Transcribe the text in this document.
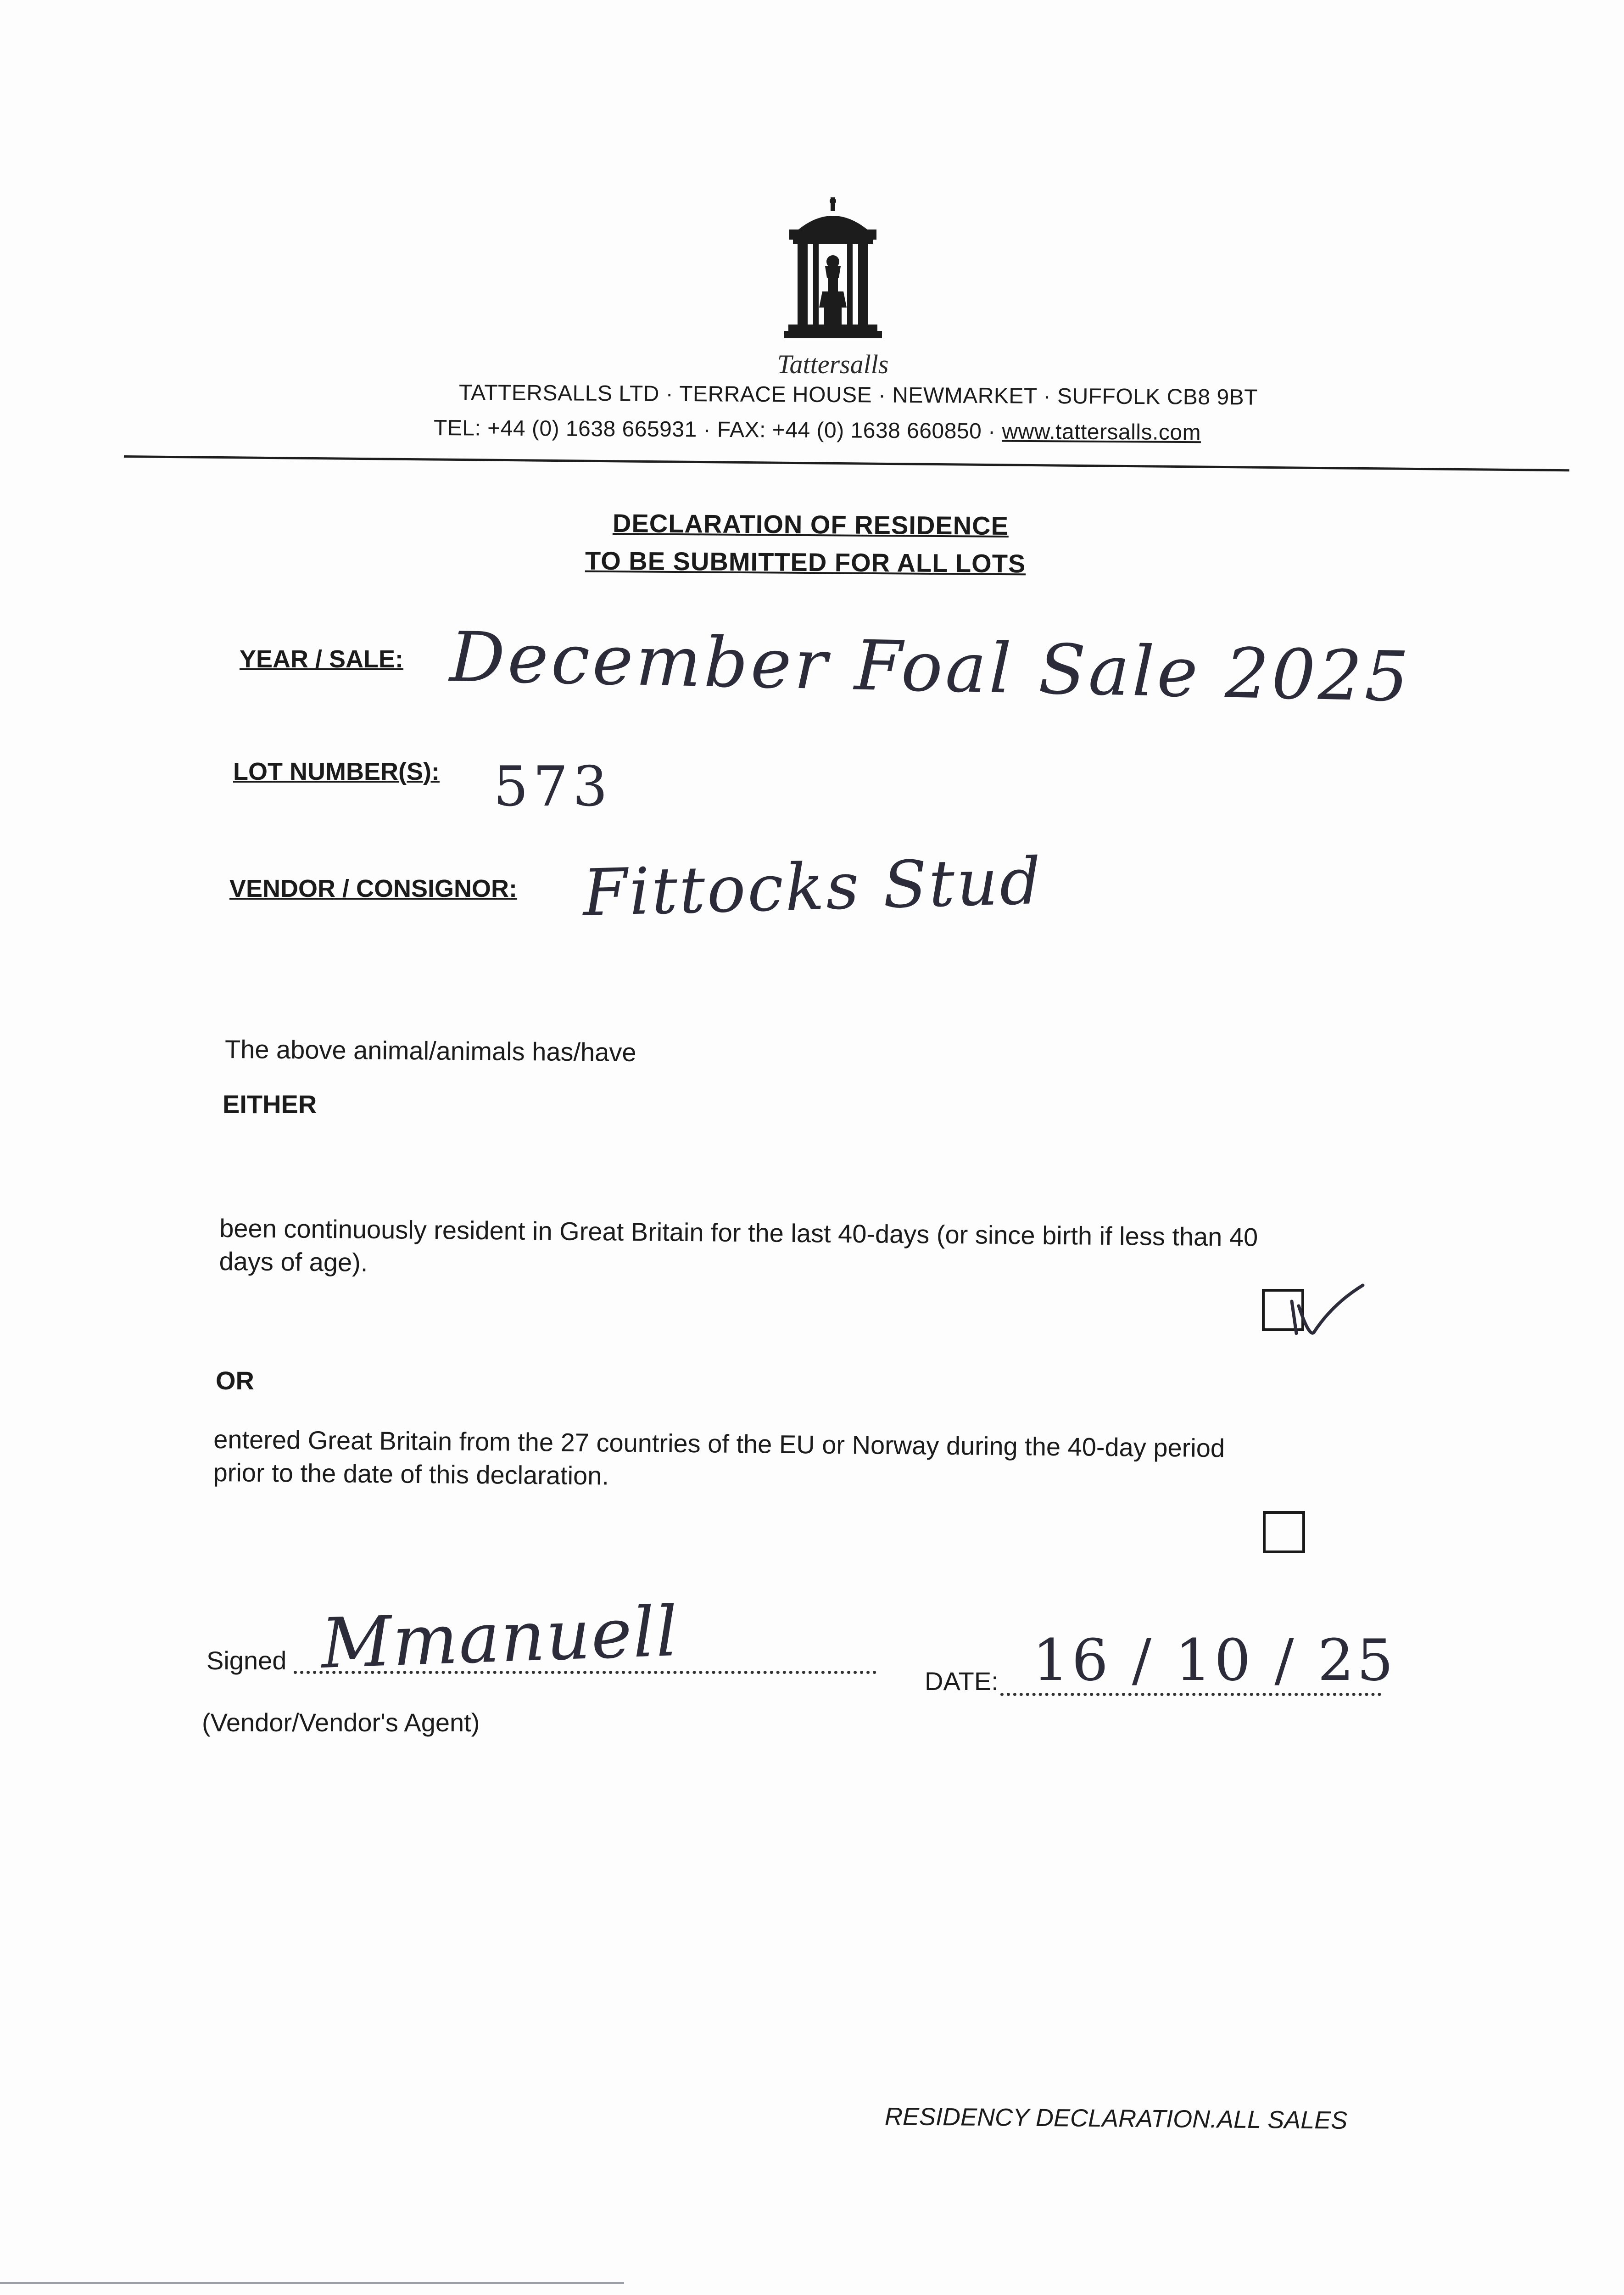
Tattersalls
TATTERSALLS LTD · TERRACE HOUSE · NEWMARKET · SUFFOLK CB8 9BT
TEL: +44 (0) 1638 665931 · FAX: +44 (0) 1638 660850 · www.tattersalls.com
DECLARATION OF RESIDENCE
TO BE SUBMITTED FOR ALL LOTS
YEAR / SALE: December Foal Sale 2025
LOT NUMBER(S): 573
VENDOR / CONSIGNOR: Fittocks Stud
The above animal/animals has/have
EITHER
been continuously resident in Great Britain for the last 40-days (or since birth if less than 40
days of age).
OR
entered Great Britain from the 27 countries of the EU or Norway during the 40-day period
prior to the date of this declaration.
Signed Mmanuell	DATE: 16 / 10 / 25
(Vendor/Vendor's Agent)
RESIDENCY DECLARATION.ALL SALES
